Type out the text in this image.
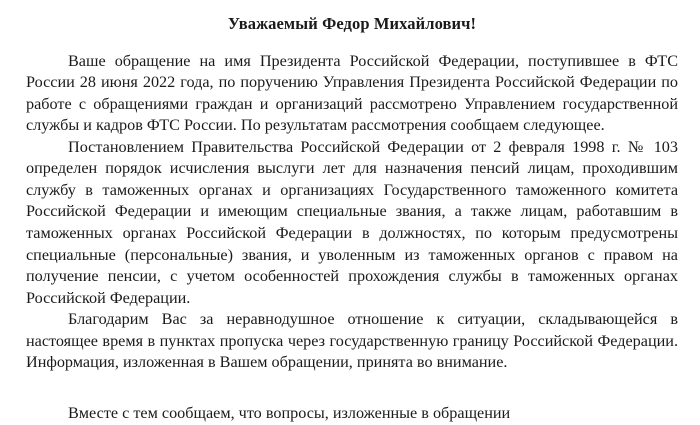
Уважаемый Федор Михайлович!

Ваше обращение на имя Президента Российской Федерации, поступившее в ФТС России 28 июня 2022 года, по поручению Управления Президента Российской Федерации по работе с обращениями граждан и организаций рассмотрено Управлением государственной службы и кадров ФТС России. По результатам рассмотрения сообщаем следующее.

Постановлением Правительства Российской Федерации от 2 февраля 1998 г. № 103 определен порядок исчисления выслуги лет для назначения пенсий лицам, проходившим службу в таможенных органах и организациях Государственного таможенного комитета Российской Федерации и имеющим специальные звания, а также лицам, работавшим в таможенных органах Российской Федерации в должностях, по которым предусмотрены специальные (персональные) звания, и уволенным из таможенных органов с правом на получение пенсии, с учетом особенностей прохождения службы в таможенных органах Российской Федерации.

Благодарим Вас за неравнодушное отношение к ситуации, складывающейся в настоящее время в пунктах пропуска через государственную границу Российской Федерации. Информация, изложенная в Вашем обращении, принята во внимание.

Вместе с тем сообщаем, что вопросы, изложенные в обращении
